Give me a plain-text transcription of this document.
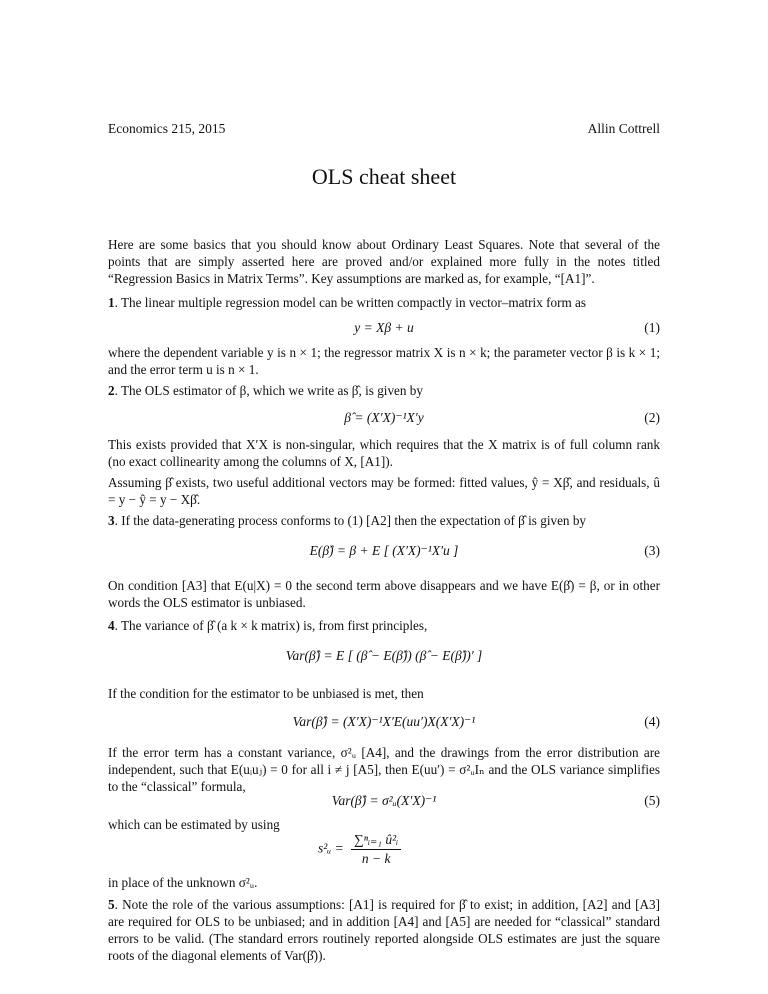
Economics 215, 2015	Allin Cottrell
OLS cheat sheet
Here are some basics that you should know about Ordinary Least Squares. Note that several of the points that are simply asserted here are proved and/or explained more fully in the notes titled “Regression Basics in Matrix Terms”. Key assumptions are marked as, for example, “[A1]”.
1. The linear multiple regression model can be written compactly in vector–matrix form as
y = Xβ + u	(1)
where the dependent variable y is n × 1; the regressor matrix X is n × k; the parameter vector β is k × 1; and the error term u is n × 1.
2. The OLS estimator of β, which we write as β̂, is given by
β̂ = (X′X)⁻¹X′y	(2)
This exists provided that X′X is non-singular, which requires that the X matrix is of full column rank (no exact collinearity among the columns of X, [A1]).
Assuming β̂ exists, two useful additional vectors may be formed: fitted values, ŷ = Xβ̂, and residuals, û = y − ŷ = y − Xβ̂.
3. If the data-generating process conforms to (1) [A2] then the expectation of β̂ is given by
E(β̂) = β + E [ (X′X)⁻¹X′u ]	(3)
On condition [A3] that E(u|X) = 0 the second term above disappears and we have E(β̂) = β, or in other words the OLS estimator is unbiased.
4. The variance of β̂ (a k × k matrix) is, from first principles,
Var(β̂) = E [ (β̂ − E(β̂)) (β̂ − E(β̂))′ ]
If the condition for the estimator to be unbiased is met, then
Var(β̂) = (X′X)⁻¹X′E(uu′)X(X′X)⁻¹	(4)
If the error term has a constant variance, σ²ᵤ [A4], and the drawings from the error distribution are independent, such that E(uᵢuⱼ) = 0 for all i ≠ j [A5], then E(uu′) = σ²ᵤIₙ and the OLS variance simplifies to the “classical” formula,
Var(β̂) = σ²ᵤ(X′X)⁻¹	(5)
which can be estimated by using
s²ᵤ = $\frac{\text{∑ⁿᵢ₌₁ û²ᵢ}}{n - k}$
in place of the unknown σ²ᵤ.
5. Note the role of the various assumptions: [A1] is required for β̂ to exist; in addition, [A2] and [A3] are required for OLS to be unbiased; and in addition [A4] and [A5] are needed for “classical” standard errors to be valid. (The standard errors routinely reported alongside OLS estimates are just the square roots of the diagonal elements of Var(β̂)).
